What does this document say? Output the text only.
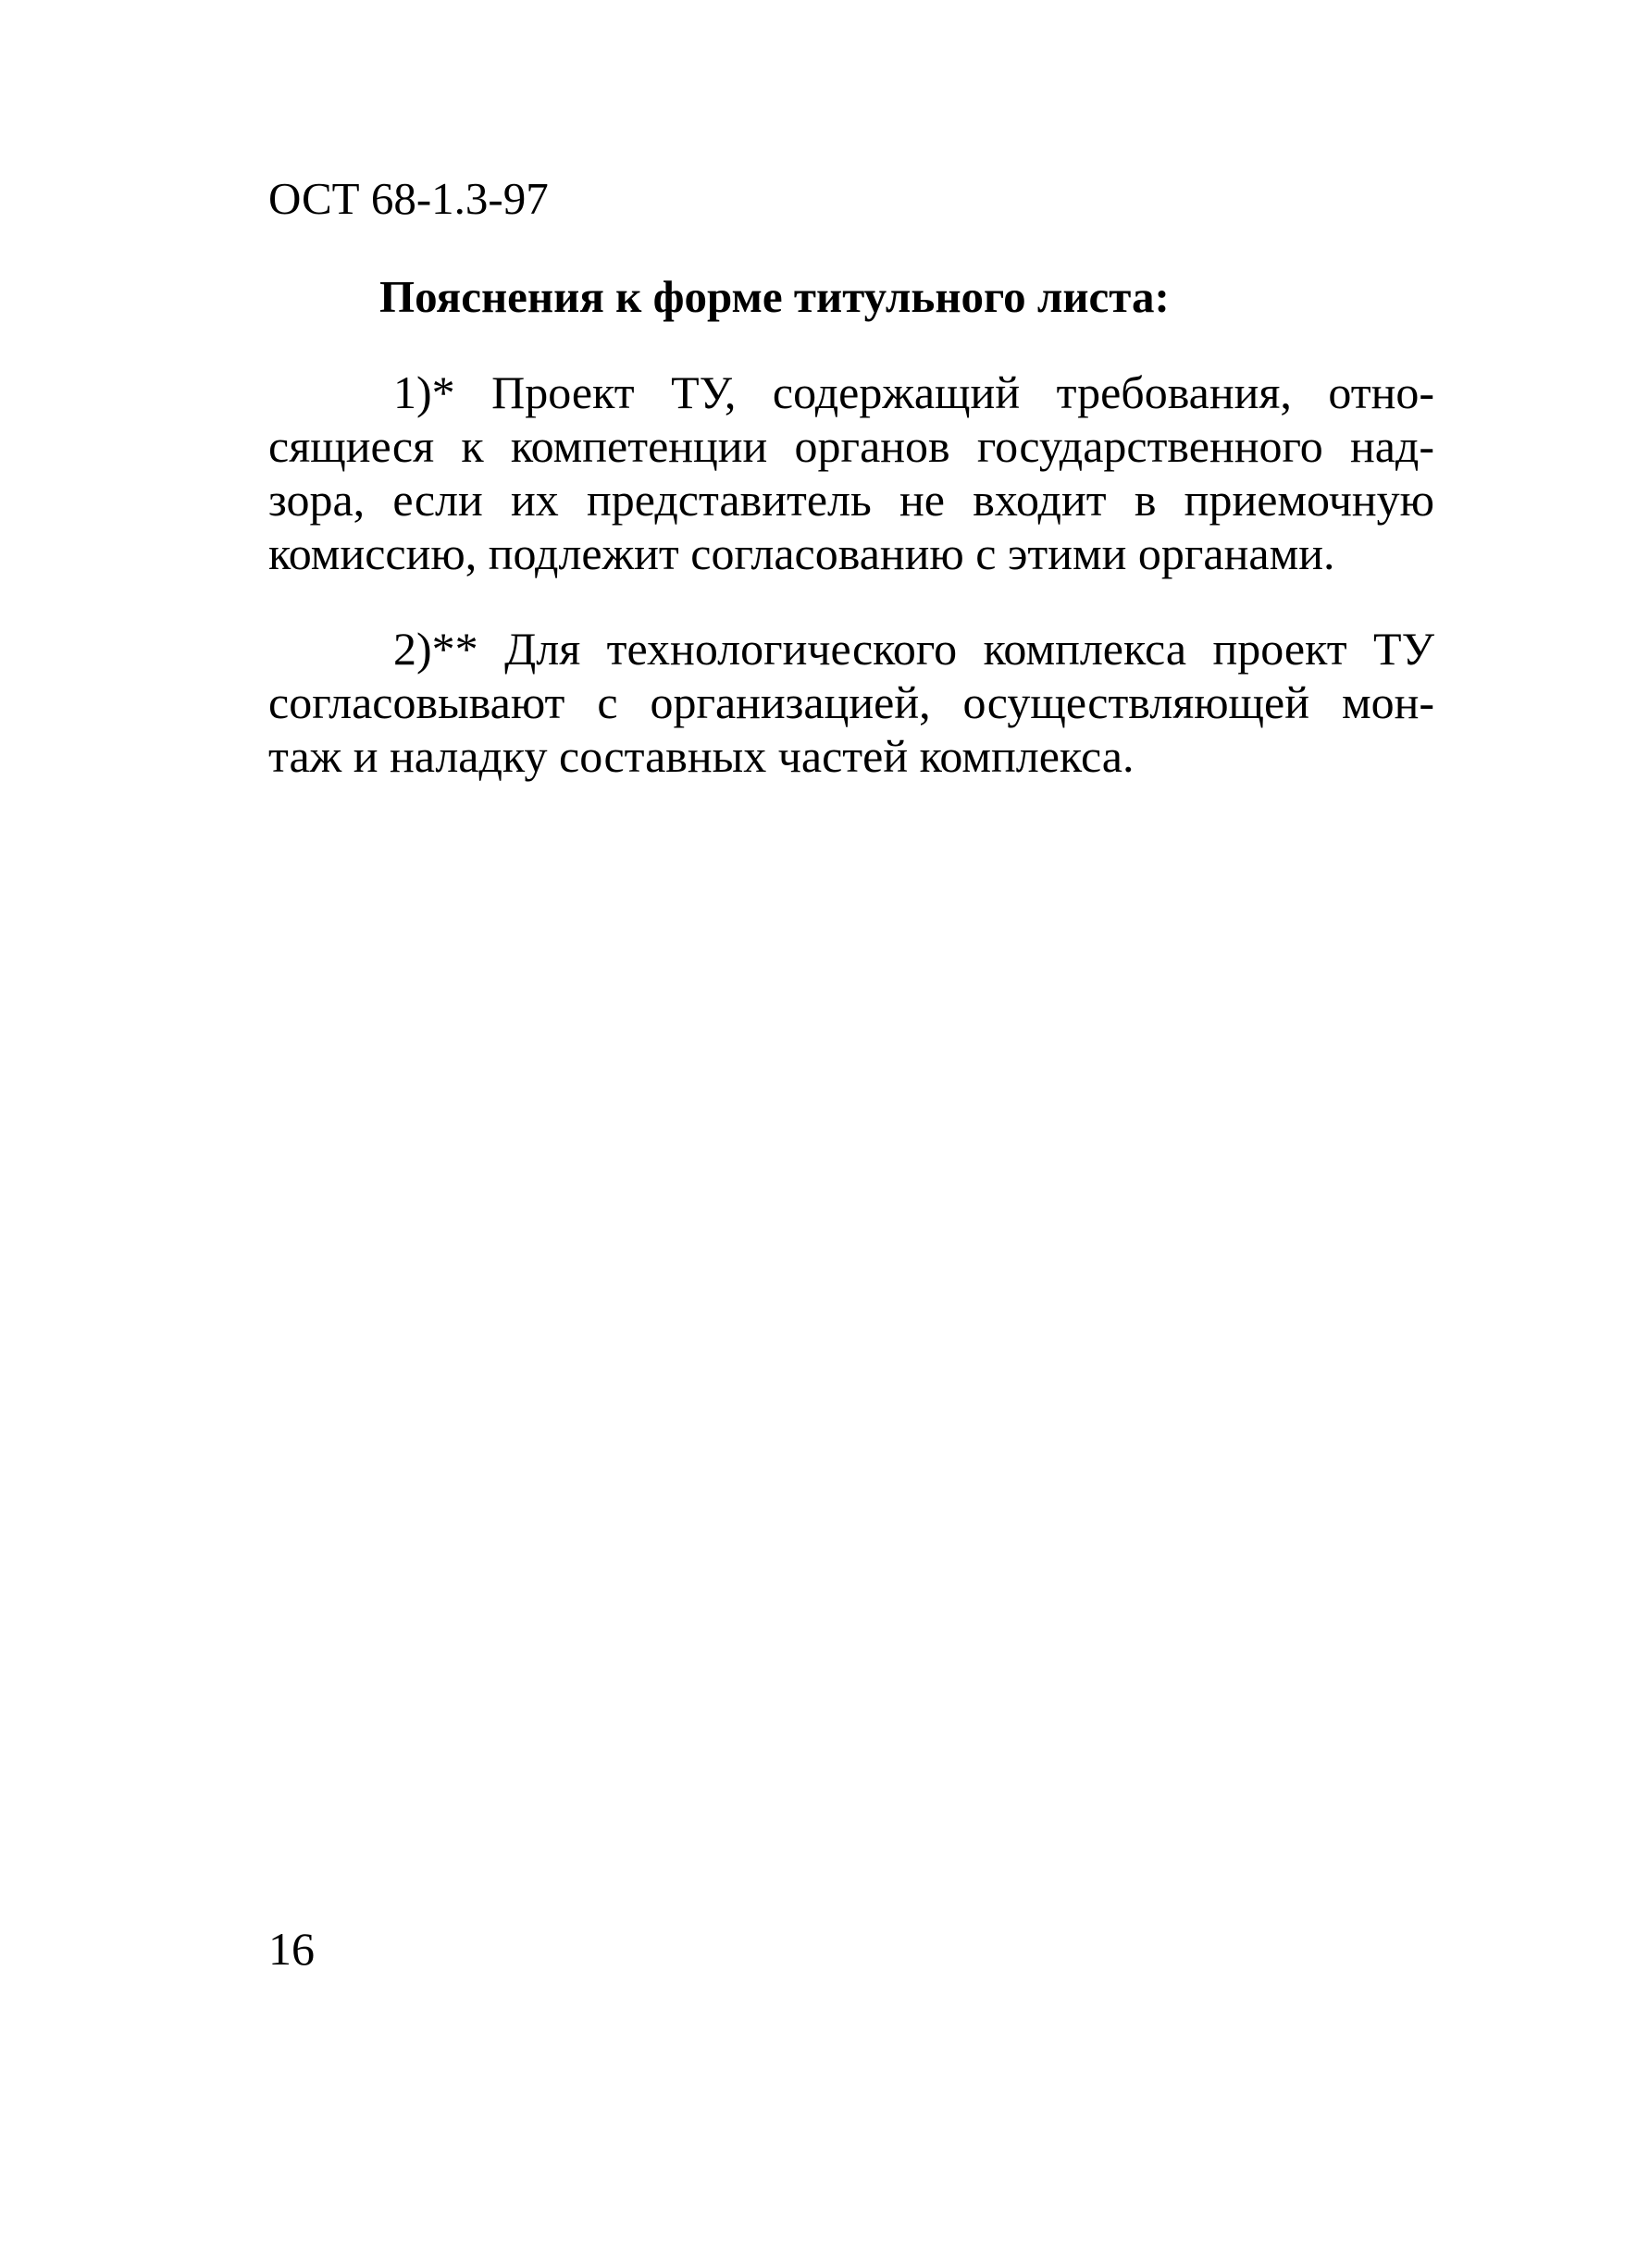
ОСТ 68-1.3-97
Пояснения к форме титульного листа:
1)* Проект ТУ, содержащий требования, отно-
сящиеся к компетенции органов государственного над-
зора, если их представитель не входит в приемочную
комиссию, подлежит согласованию с этими органами.
2)** Для технологического комплекса проект ТУ
согласовывают с организацией, осуществляющей мон-
таж и наладку составных частей комплекса.
16
